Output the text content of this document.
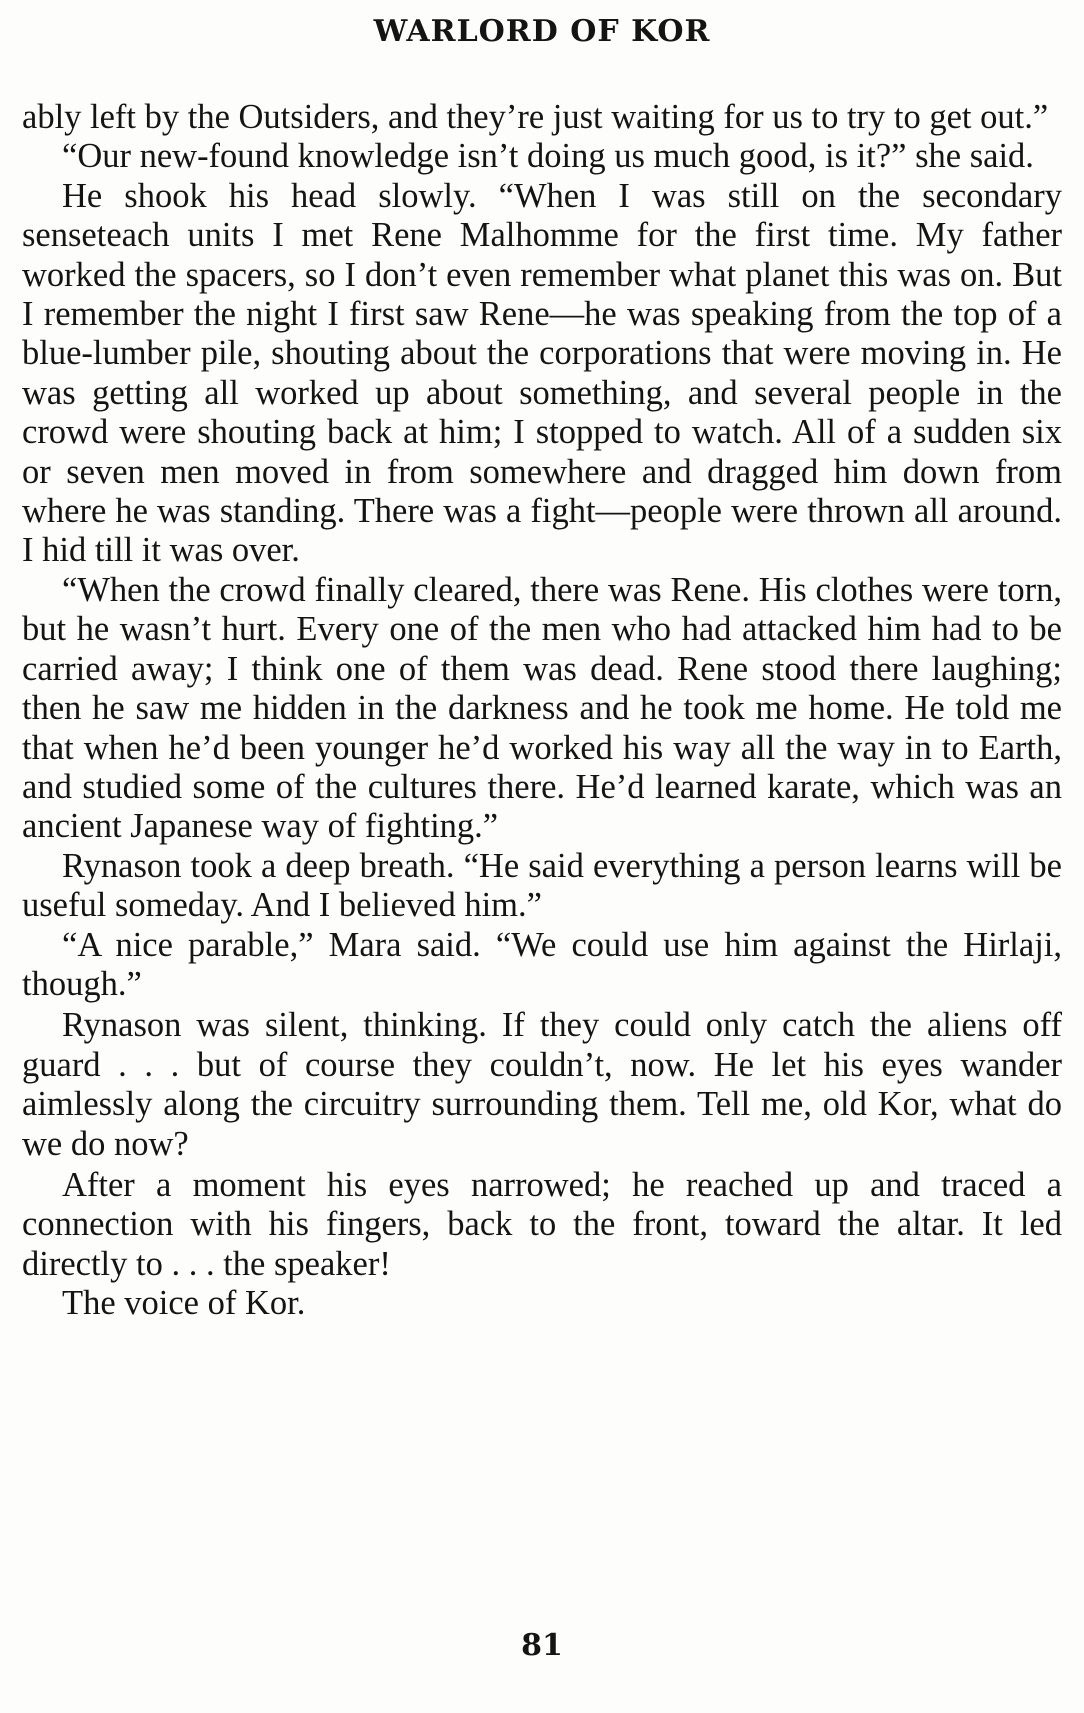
WARLORD OF KOR

ably left by the Outsiders, and they’re just waiting for us to try to get out.”

“Our new-found knowledge isn’t doing us much good, is it?” she said.

He shook his head slowly. “When I was still on the secondary senseteach units I met Rene Malhomme for the first time. My father worked the spacers, so I don’t even remember what planet this was on. But I remember the night I first saw Rene—he was speaking from the top of a blue-lumber pile, shouting about the corporations that were moving in. He was getting all worked up about something, and several people in the crowd were shouting back at him; I stopped to watch. All of a sudden six or seven men moved in from somewhere and dragged him down from where he was standing. There was a fight—people were thrown all around. I hid till it was over.

“When the crowd finally cleared, there was Rene. His clothes were torn, but he wasn’t hurt. Every one of the men who had attacked him had to be carried away; I think one of them was dead. Rene stood there laughing; then he saw me hidden in the darkness and he took me home. He told me that when he’d been younger he’d worked his way all the way in to Earth, and studied some of the cultures there. He’d learned karate, which was an ancient Japanese way of fighting.”

Rynason took a deep breath. “He said everything a person learns will be useful someday. And I believed him.”

“A nice parable,” Mara said. “We could use him against the Hirlaji, though.”

Rynason was silent, thinking. If they could only catch the aliens off guard . . . but of course they couldn’t, now. He let his eyes wander aimlessly along the circuitry surrounding them. Tell me, old Kor, what do we do now?

After a moment his eyes narrowed; he reached up and traced a connection with his fingers, back to the front, toward the altar. It led directly to . . . the speaker!

The voice of Kor.

81
